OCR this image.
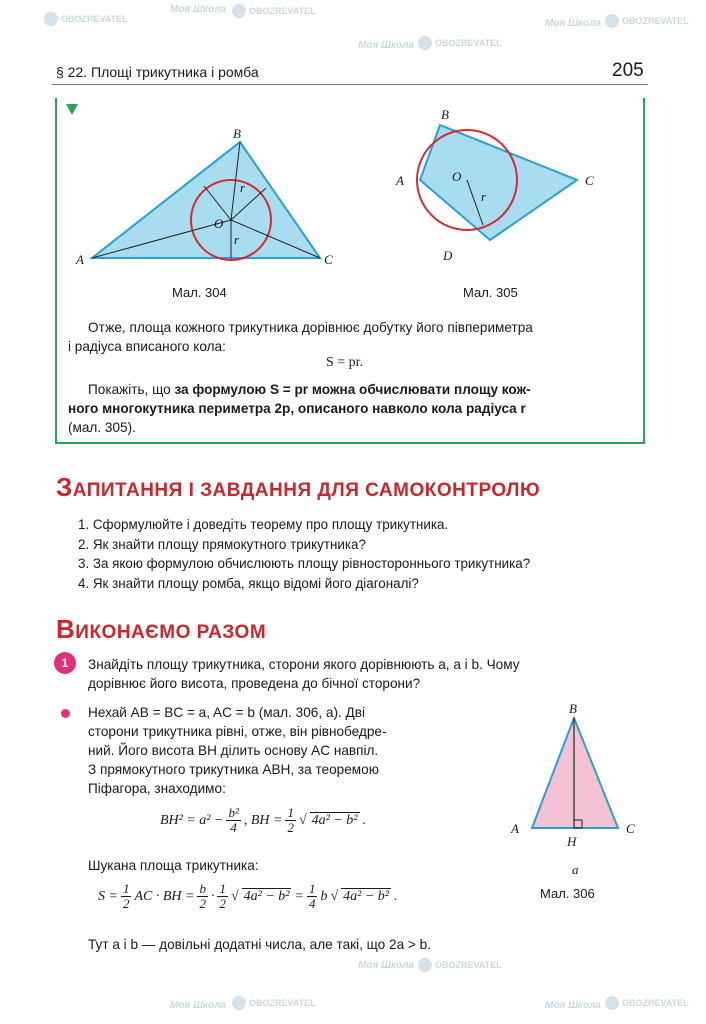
§ 22. Площі трикутника і ромба	205
A
B
C
O
r
r
Мал. 304
B
A	C
D
O
r
Мал. 305
Отже, площа кожного трикутника дорівнює добутку його півпериметра
і радіуса вписаного кола:
S = pr.
Покажіть, що за формулою S = pr можна обчислювати площу кож-
ного многокутника периметра 2p, описаного навколо кола радіуса r
(мал. 305).
ЗАПИТАННЯ І ЗАВДАННЯ ДЛЯ САМОКОНТРОЛЮ
1. Сформулюйте і доведіть теорему про площу трикутника.
2. Як знайти площу прямокутного трикутника?
3. За якою формулою обчислюють площу рівностороннього трикутника?
4. Як знайти площу ромба, якщо відомі його діагоналі?
ВИКОНАЄМО РАЗОМ
1	Знайдіть площу трикутника, сторони якого дорівнюють a, a і b. Чому
дорівнює його висота, проведена до бічної сторони?
Нехай AB = BC = a, AC = b (мал. 306, а). Дві
сторони трикутника рівні, отже, він рівнобедре-
ний. Його висота BH ділить основу AC навпіл.
З прямокутного трикутника ABH, за теоремою
Піфагора, знаходимо:
$BH^2 = a^2 - \frac{\text{b²}}{4}$ , BH = $\frac{1}{2}$ √ 4a² − b² .
Шукана площа трикутника:
$S = \frac{1}{2}$ AC · BH = $\frac{b}{2} \cdot \frac{1}{2}$ √ $4a^2 - b^2 = \frac{1}{4}$ b √ 4a² − b² .
Тут a і b — довільні додатні числа, але такі, що 2a > b.
B
A	C
H
a
Мал. 306
Моя Школа	OBOZREVATEL
Моя Школа OBOZREVATEL
Моя Школа OBOZREVATEL
OBOZREVATEL
Моя Школа OBOZREVATEL
Моя Школа OBOZREVATEL
Моя Школа	OBOZREVATEL
